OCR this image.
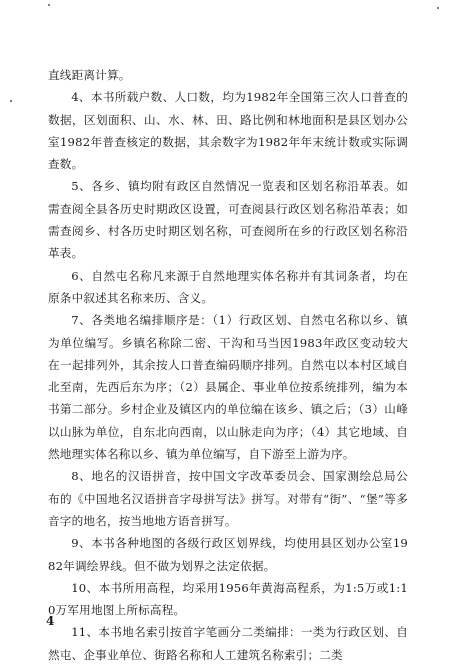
直线距离计算。

4、本书所载户数、人口数，均为1982年全国第三次人口普查的数据，区划面积、山、水、林、田、路比例和林地面积是县区划办公室1982年普查核定的数据，其余数字为1982年年末统计数或实际调查数。

5、各乡、镇均附有政区自然情况一览表和区划名称沿革表。如需查阅全县各历史时期政区设置，可查阅县行政区划名称沿革表；如需查阅乡、村各历史时期区划名称，可查阅所在乡的行政区划名称沿革表。

6、自然屯名称凡来源于自然地理实体名称并有其词条者，均在原条中叙述其名称来历、含义。

7、各类地名编排顺序是：（1）行政区划、自然屯名称以乡、镇为单位编写。乡镇名称除二密、干沟和马当因1983年政区变动较大在一起排列外，其余按人口普查编码顺序排列。自然屯以本村区域自北至南，先西后东为序；（2）县属企、事业单位按系统排列，编为本书第二部分。乡村企业及镇区内的单位编在该乡、镇之后；（3）山峰以山脉为单位，自东北向西南，以山脉走向为序；（4）其它地域、自然地理实体名称以乡、镇为单位编写，自下游至上游为序。

8、地名的汉语拼音，按中国文字改革委员会、国家测绘总局公布的《中国地名汉语拼音字母拼写法》拼写。对带有“街”、“堡”等多音字的地名，按当地地方语音拼写。

9、本书各种地图的各级行政区划界线，均使用县区划办公室1982年调绘界线。但不做为划界之法定依据。

10、本书所用高程，均采用1956年黄海高程系，为1:5万或1:10万军用地图上所标高程。

11、本书地名索引按首字笔画分二类编排：一类为行政区划、自然屯、企事业单位、街路名称和人工建筑名称索引；二类

4
